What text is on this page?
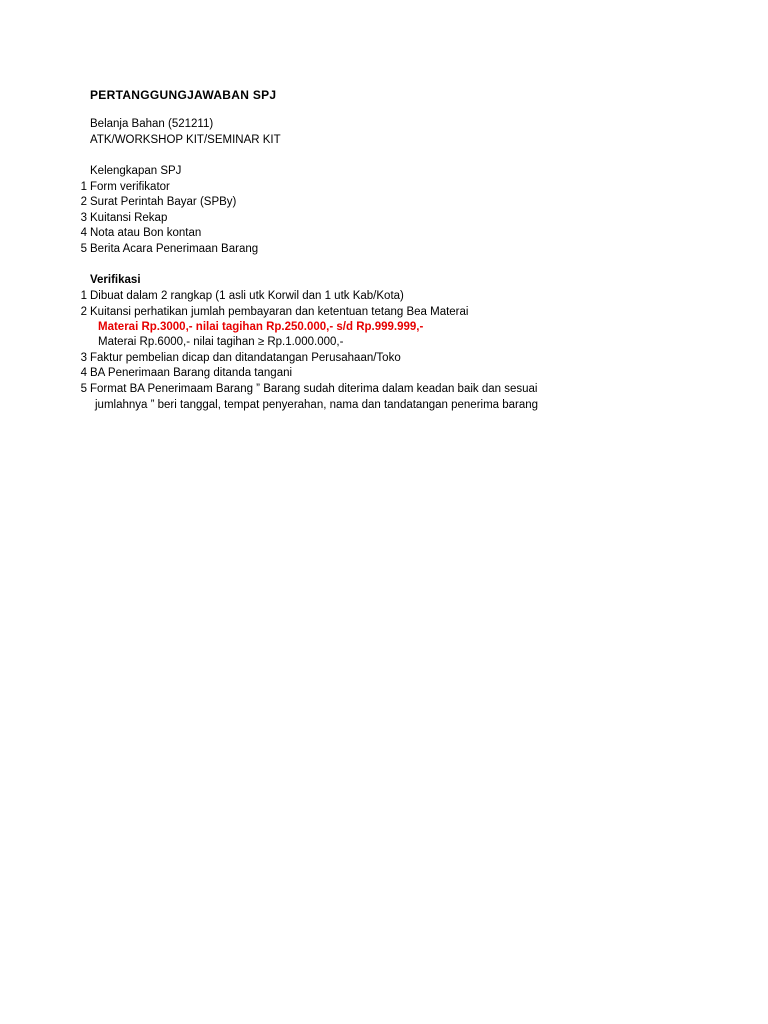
PERTANGGUNGJAWABAN SPJ
Belanja Bahan (521211)
ATK/WORKSHOP KIT/SEMINAR KIT
Kelengkapan SPJ
1 Form verifikator
2 Surat Perintah Bayar (SPBy)
3 Kuitansi Rekap
4 Nota atau Bon kontan
5 Berita Acara Penerimaan Barang
Verifikasi
1 Dibuat dalam 2 rangkap (1 asli utk Korwil dan 1 utk Kab/Kota)
2 Kuitansi perhatikan jumlah pembayaran dan ketentuan tetang Bea Materai
Materai Rp.3000,- nilai tagihan Rp.250.000,- s/d Rp.999.999,-
Materai Rp.6000,- nilai tagihan ≥ Rp.1.000.000,-
3 Faktur pembelian dicap dan ditandatangan Perusahaan/Toko
4 BA Penerimaan Barang ditanda tangani
5 Format BA Penerimaam Barang ” Barang sudah diterima dalam keadan baik dan sesuai
jumlahnya ” beri tanggal, tempat penyerahan, nama dan tandatangan penerima barang
